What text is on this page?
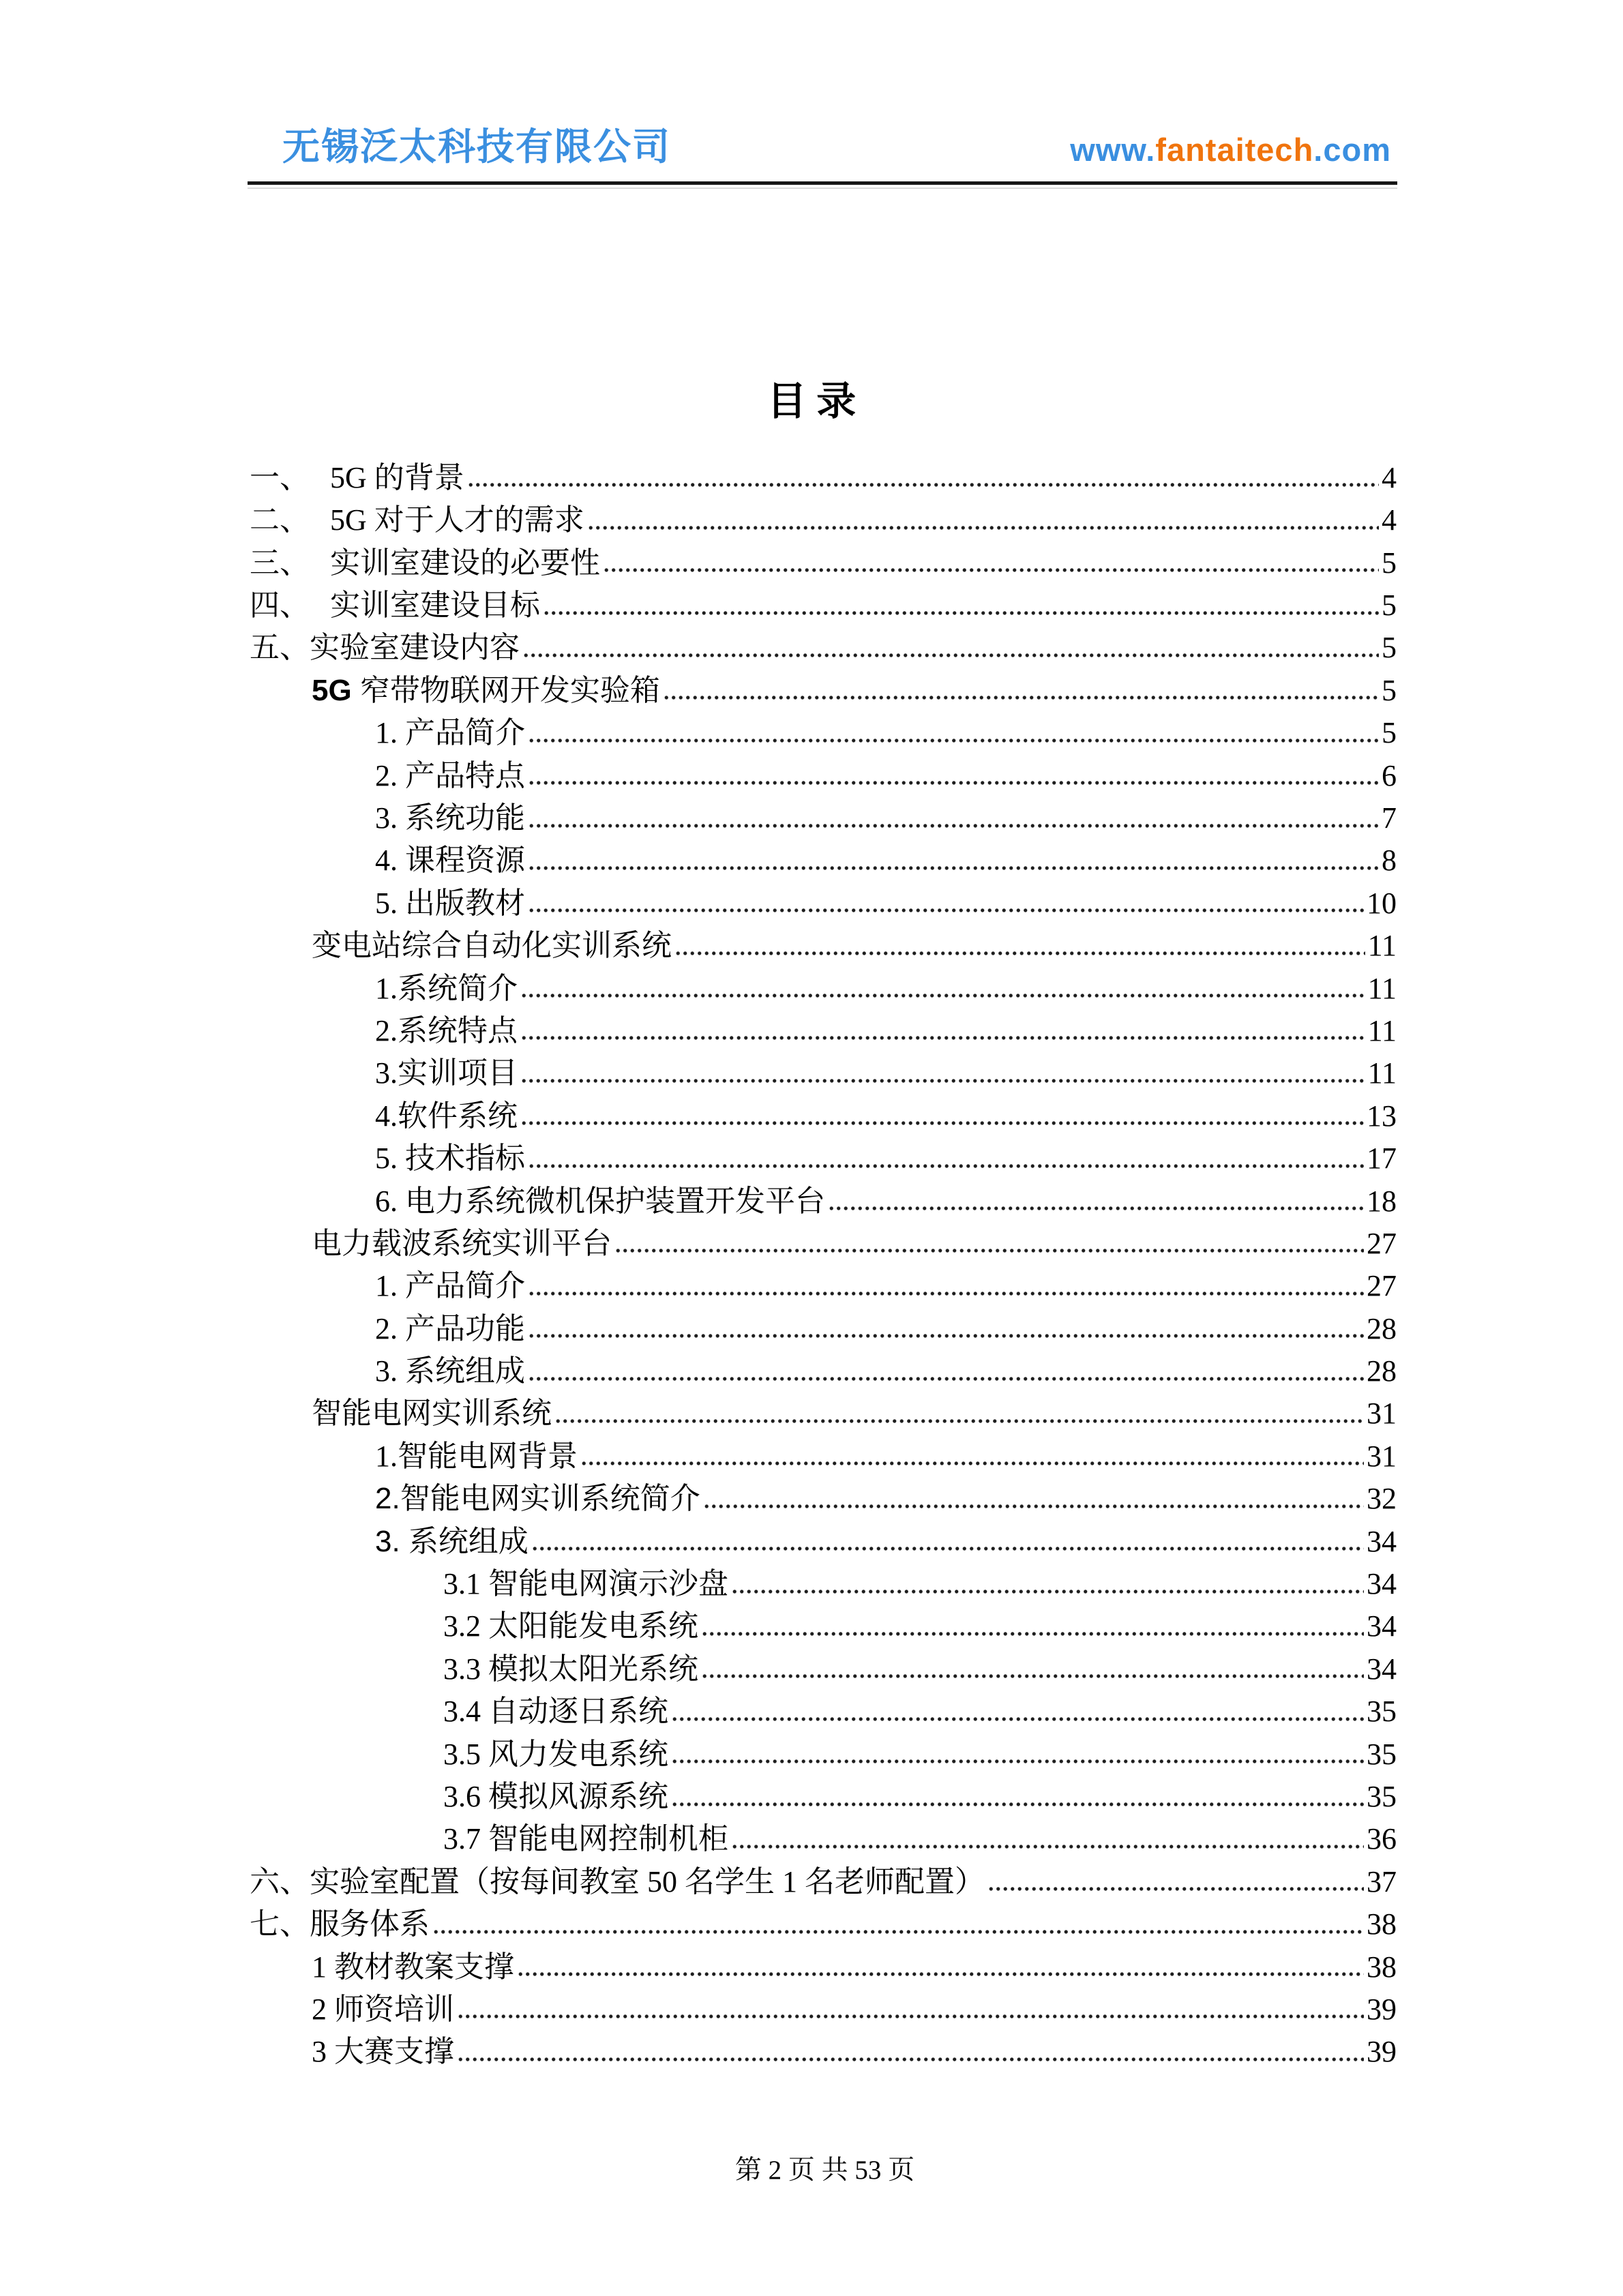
无锡泛太科技有限公司	www.fantaitech.com
目 录
一、 5G 的背景	4
二、 5G 对于人才的需求	4
三、 实训室建设的必要性	5
四、 实训室建设目标	5
五、 实验室建设内容	5
5G 窄带物联网开发实验箱	5
1. 产品简介	5
2. 产品特点	6
3. 系统功能	7
4. 课程资源	8
5. 出版教材	10
变电站综合自动化实训系统	11
1.系统简介	11
2.系统特点	11
3.实训项目	11
4.软件系统	13
5. 技术指标	17
6. 电力系统微机保护装置开发平台	18
电力载波系统实训平台	27
1. 产品简介	27
2. 产品功能	28
3. 系统组成	28
智能电网实训系统	31
1.智能电网背景	31
2. 智能电网实训系统简介	32
3. 系统组成	34
3.1 智能电网演示沙盘	34
3.2 太阳能发电系统	34
3.3 模拟太阳光系统	34
3.4 自动逐日系统	35
3.5 风力发电系统	35
3.6 模拟风源系统	35
3.7 智能电网控制机柜	36
六、 实验室配置（按每间教室 50 名学生 1 名老师配置）	37
七、 服务体系	38
1 教材教案支撑	38
2 师资培训	39
3 大赛支撑	39

第 2 页 共 53 页
